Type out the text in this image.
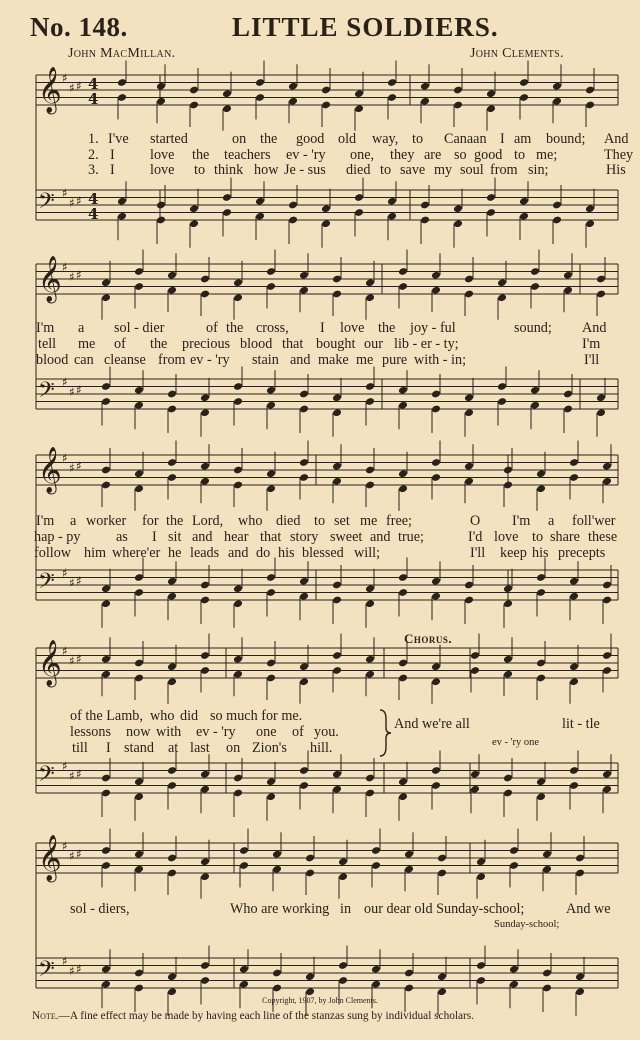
No. 148.	LITTLE SOLDIERS.
John MacMillan.	John Clements.
𝄞 ♯
♯ ♯ 4
4
𝄢 ♯
♯ ♯ 4
4
𝄞 ♯
♯ ♯
𝄢 ♯
♯ ♯
𝄞 ♯
♯ ♯
𝄢 ♯
♯ ♯
𝄞 ♯
♯ ♯
𝄢 ♯
♯ ♯
𝄞 ♯
♯ ♯
𝄢 ♯
♯ ♯
1. I've started	on the good old way, to Canaan I am bound; And
2. I love the teachers ev - 'ry one, they are so good to me;	They
3. I love to think how Je - sus died to save my soul from sin;	His
I'm a sol - dier	of the cross, I love the joy - ful	sound; And
tell me of the precious blood that bought our lib - er - ty;	I'm
blood can cleanse from ev - 'ry stain and make me pure with - in;	I'll
I'm a worker for the Lord, who died to set me free;	O I'm a foll'wer
hap - py	as I sit and hear that story sweet and true;	I'd love to share these
follow him where'er he leads and do his blessed will;	I'll keep his precepts
Chorus.
of the Lamb, who did so much for me.
lessons now with ev - 'ry one of you.
till I stand at last on Zion's hill.
And we're all	lit - tle
ev - 'ry one
sol - diers,	Who are working in our dear old Sunday-school;	And we
Sunday-school;
Copyright, 1907, by John Clements.
Note.—A fine effect may be made by having each line of the stanzas sung by individual scholars.
